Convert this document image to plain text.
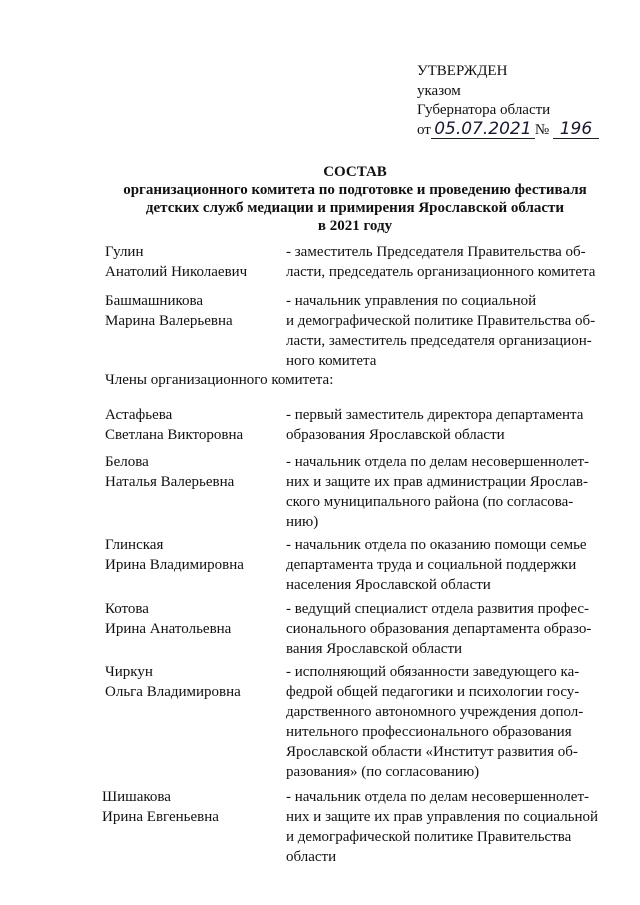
УТВЕРЖДЕН
указом
Губернатора области
от 05.07.2021 № 196
СОСТАВ
организационного комитета по подготовке и проведению фестиваля
детских служб медиации и примирения Ярославской области
в 2021 году
Гулин
Анатолий Николаевич
- заместитель Председателя Правительства об-
ласти, председатель организационного комитета
Башмашникова
Марина Валерьевна
- начальник управления по социальной
и демографической политике Правительства об-
ласти, заместитель председателя организацион-
ного комитета
Члены организационного комитета:
Астафьева
Светлана Викторовна
- первый заместитель директора департамента
образования Ярославской области
Белова
Наталья Валерьевна
- начальник отдела по делам несовершеннолет-
них и защите их прав администрации Ярослав-
ского муниципального района (по согласова-
нию)
Глинская
Ирина Владимировна
- начальник отдела по оказанию помощи семье
департамента труда и социальной поддержки
населения Ярославской области
Котова
Ирина Анатольевна
- ведущий специалист отдела развития профес-
сионального образования департамента образо-
вания Ярославской области
Чиркун
Ольга Владимировна
- исполняющий обязанности заведующего ка-
федрой общей педагогики и психологии госу-
дарственного автономного учреждения допол-
нительного профессионального образования
Ярославской области «Институт развития об-
разования» (по согласованию)
Шишакова
Ирина Евгеньевна
- начальник отдела по делам несовершеннолет-
них и защите их прав управления по социальной
и демографической политике Правительства
области
